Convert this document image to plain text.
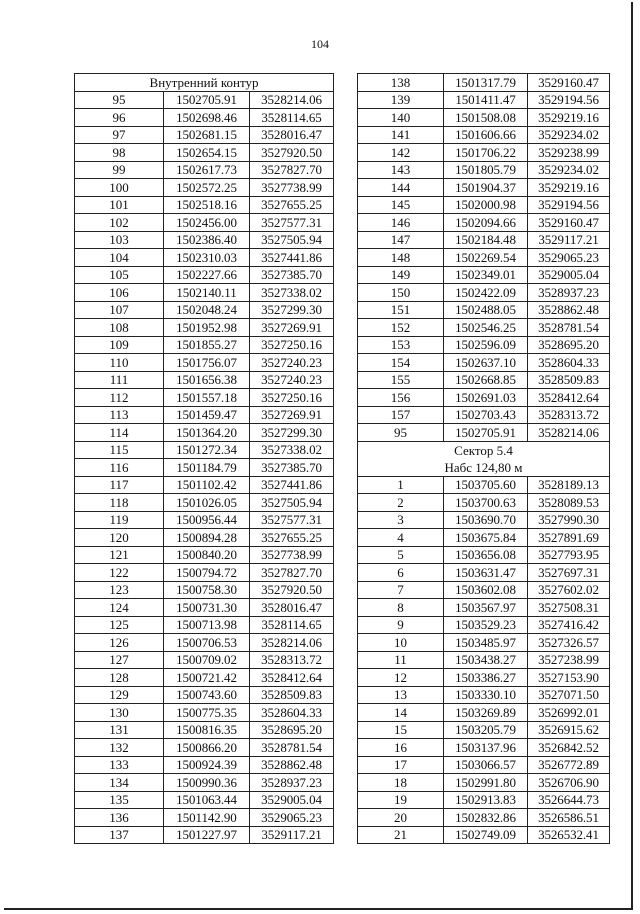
104
Внутренний контур		
95	1502705.91	3528214.06
96	1502698.46	3528114.65
97	1502681.15	3528016.47
98	1502654.15	3527920.50
99	1502617.73	3527827.70
100	1502572.25	3527738.99
101	1502518.16	3527655.25
102	1502456.00	3527577.31
103	1502386.40	3527505.94
104	1502310.03	3527441.86
105	1502227.66	3527385.70
106	1502140.11	3527338.02
107	1502048.24	3527299.30
108	1501952.98	3527269.91
109	1501855.27	3527250.16
110	1501756.07	3527240.23
111	1501656.38	3527240.23
112	1501557.18	3527250.16
113	1501459.47	3527269.91
114	1501364.20	3527299.30
115	1501272.34	3527338.02
116	1501184.79	3527385.70
117	1501102.42	3527441.86
118	1501026.05	3527505.94
119	1500956.44	3527577.31
120	1500894.28	3527655.25
121	1500840.20	3527738.99
122	1500794.72	3527827.70
123	1500758.30	3527920.50
124	1500731.30	3528016.47
125	1500713.98	3528114.65
126	1500706.53	3528214.06
127	1500709.02	3528313.72
128	1500721.42	3528412.64
129	1500743.60	3528509.83
130	1500775.35	3528604.33
131	1500816.35	3528695.20
132	1500866.20	3528781.54
133	1500924.39	3528862.48
134	1500990.36	3528937.23
135	1501063.44	3529005.04
136	1501142.90	3529065.23
137	1501227.97	3529117.21
138	1501317.79	3529160.47
139	1501411.47	3529194.56
140	1501508.08	3529219.16
141	1501606.66	3529234.02
142	1501706.22	3529238.99
143	1501805.79	3529234.02
144	1501904.37	3529219.16
145	1502000.98	3529194.56
146	1502094.66	3529160.47
147	1502184.48	3529117.21
148	1502269.54	3529065.23
149	1502349.01	3529005.04
150	1502422.09	3528937.23
151	1502488.05	3528862.48
152	1502546.25	3528781.54
153	1502596.09	3528695.20
154	1502637.10	3528604.33
155	1502668.85	3528509.83
156	1502691.03	3528412.64
157	1502703.43	3528313.72
95	1502705.91	3528214.06
Сектор 5.4		
Набс 124,80 м		
1	1503705.60	3528189.13
2	1503700.63	3528089.53
3	1503690.70	3527990.30
4	1503675.84	3527891.69
5	1503656.08	3527793.95
6	1503631.47	3527697.31
7	1503602.08	3527602.02
8	1503567.97	3527508.31
9	1503529.23	3527416.42
10	1503485.97	3527326.57
11	1503438.27	3527238.99
12	1503386.27	3527153.90
13	1503330.10	3527071.50
14	1503269.89	3526992.01
15	1503205.79	3526915.62
16	1503137.96	3526842.52
17	1503066.57	3526772.89
18	1502991.80	3526706.90
19	1502913.83	3526644.73
20	1502832.86	3526586.51
21	1502749.09	3526532.41
